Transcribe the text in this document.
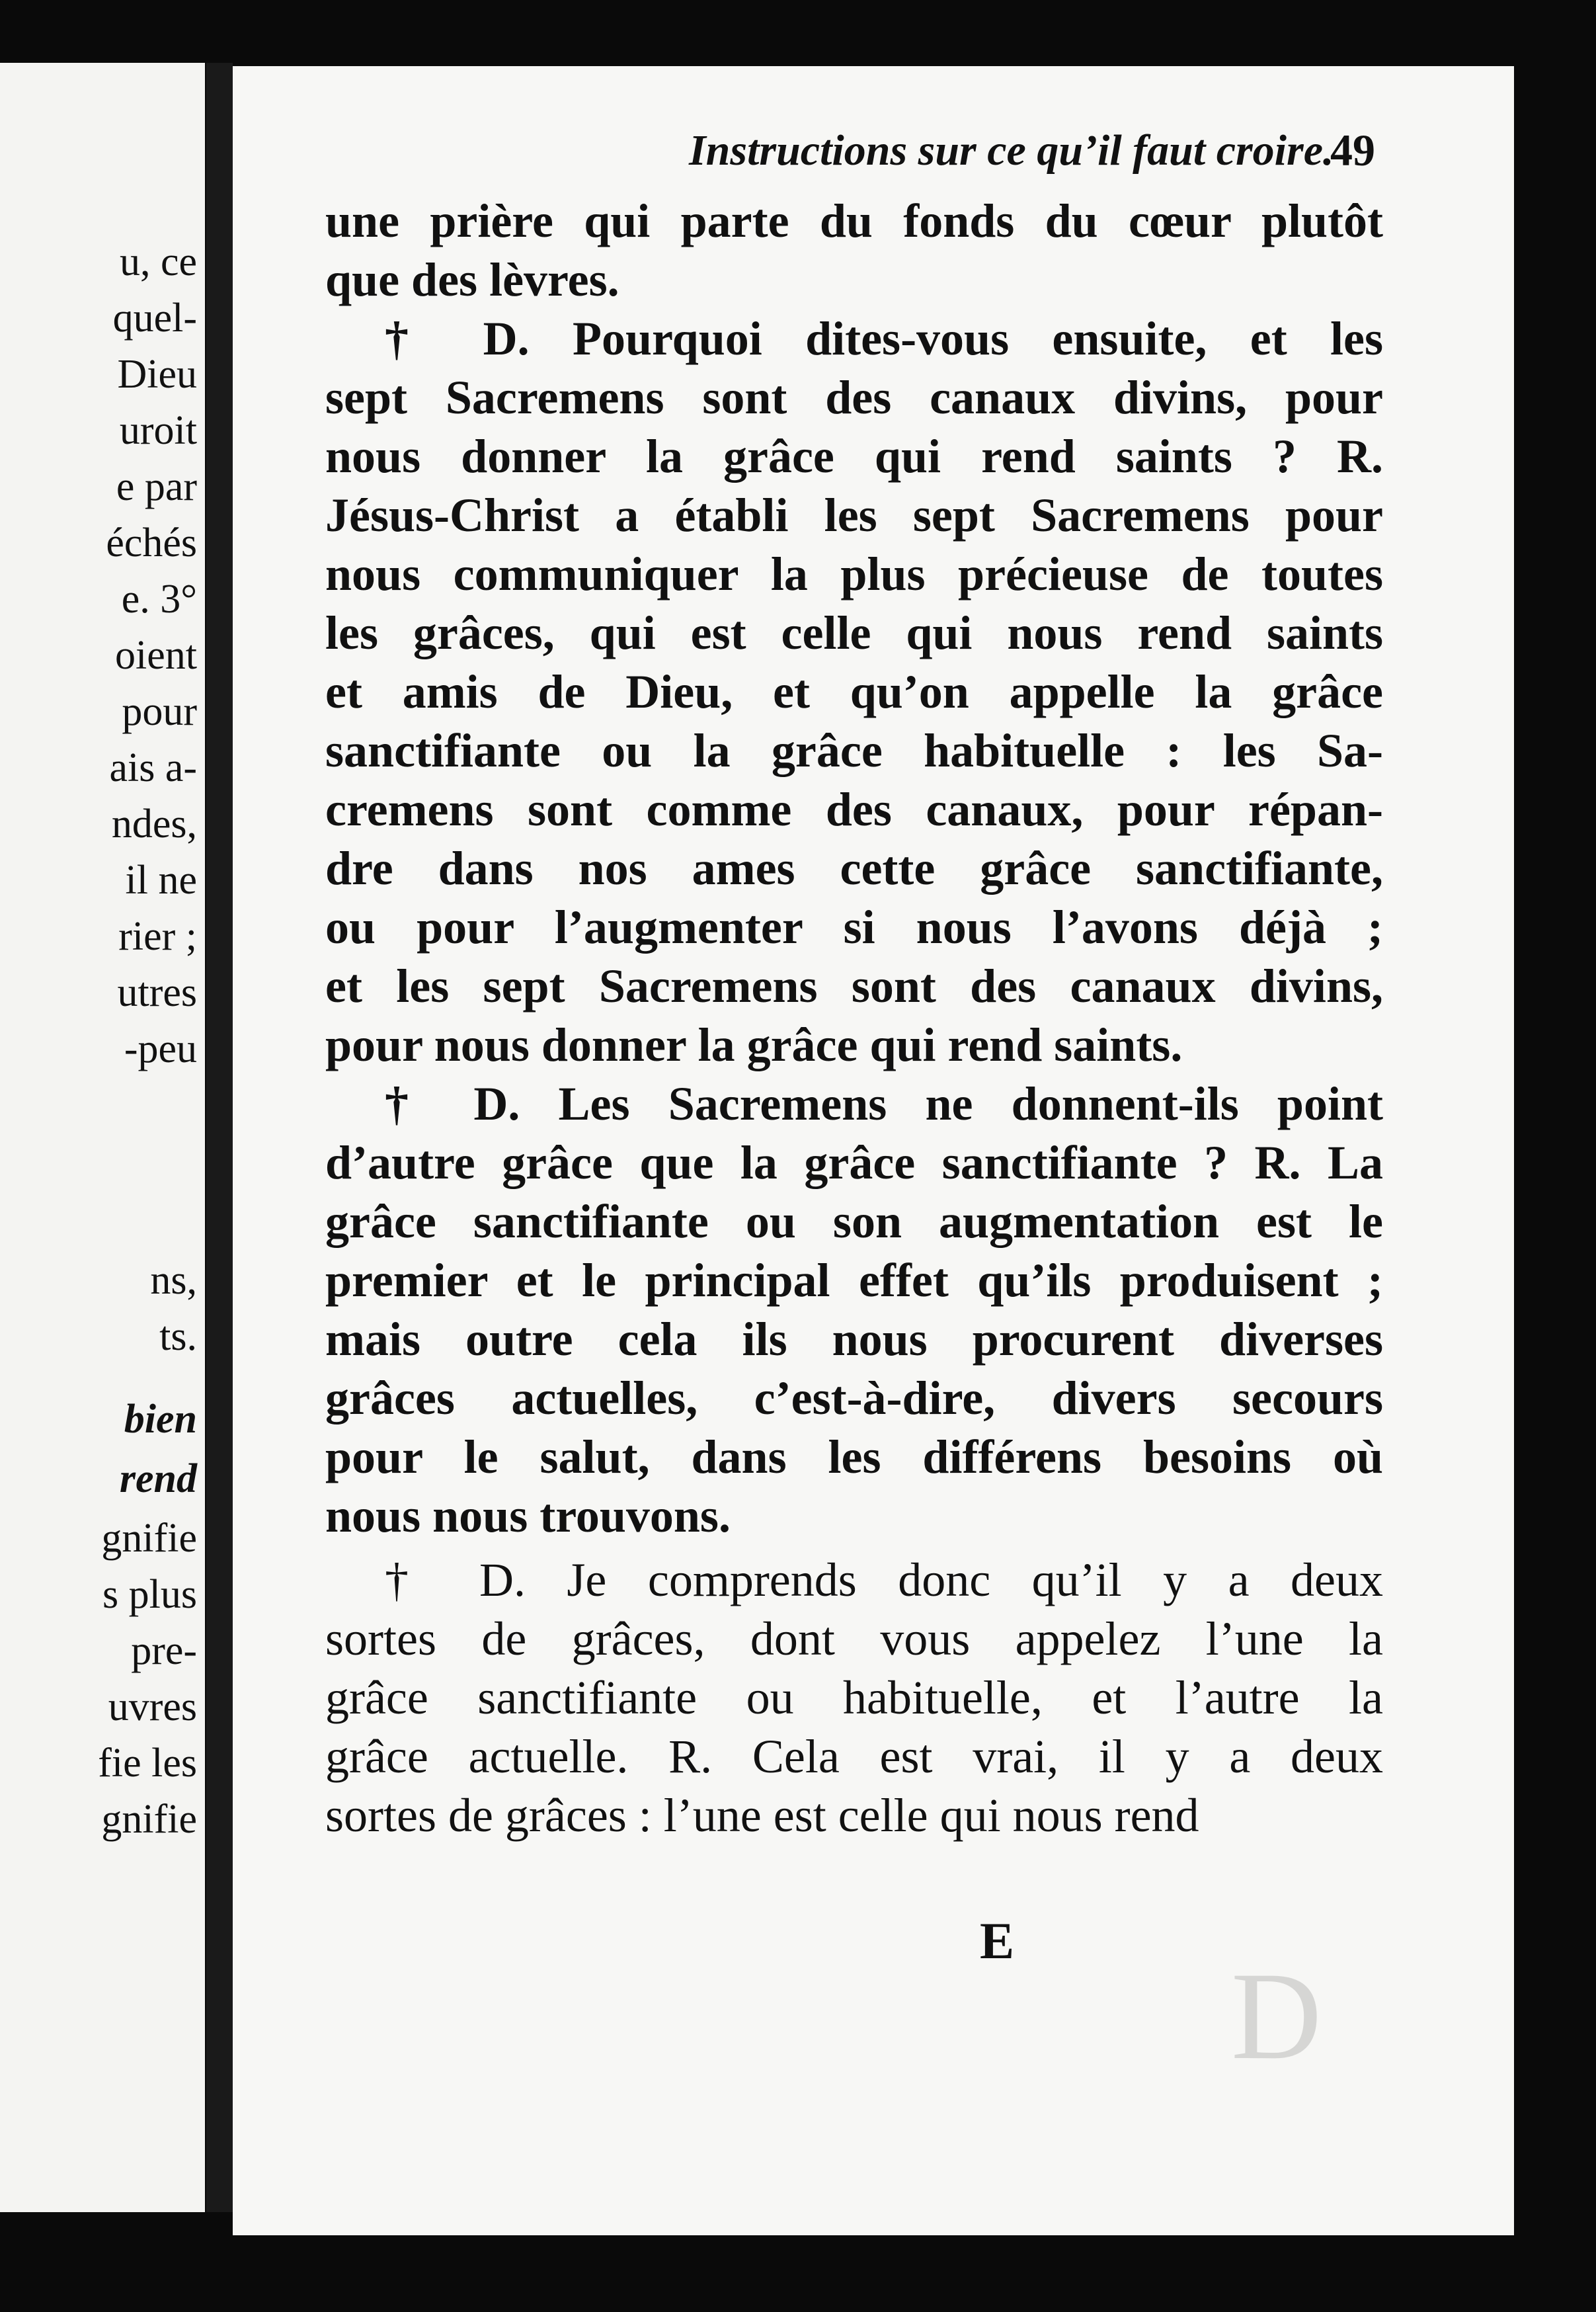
u, ce
quel-
Dieu
uroit
e par
échés
e. 3°
oient
pour
ais a-
ndes,
il ne
rier ;
utres
-peu
ns,
ts.
bien
rend
gnifie
s plus
pre-
uvres
fie les
gnifie
Instructions sur ce qu’il faut croire.
49
une prière qui parte du fonds du cœur plutôt
que des lèvres.
† D. Pourquoi dites-vous ensuite, et les
sept Sacremens sont des canaux divins, pour
nous donner la grâce qui rend saints ? R.
Jésus-Christ a établi les sept Sacremens pour
nous communiquer la plus précieuse de toutes
les grâces, qui est celle qui nous rend saints
et amis de Dieu, et qu’on appelle la grâce
sanctifiante ou la grâce habituelle : les Sa-
cremens sont comme des canaux, pour répan-
dre dans nos ames cette grâce sanctifiante,
ou pour l’augmenter si nous l’avons déjà ;
et les sept Sacremens sont des canaux divins,
pour nous donner la grâce qui rend saints.
† D. Les Sacremens ne donnent-ils point
d’autre grâce que la grâce sanctifiante ? R. La
grâce sanctifiante ou son augmentation est le
premier et le principal effet qu’ils produisent ;
mais outre cela ils nous procurent diverses
grâces actuelles, c’est-à-dire, divers secours
pour le salut, dans les différens besoins où
nous nous trouvons.
† D. Je comprends donc qu’il y a deux
sortes de grâces, dont vous appelez l’une la
grâce sanctifiante ou habituelle, et l’autre la
grâce actuelle. R. Cela est vrai, il y a deux
sortes de grâces : l’une est celle qui nous rend
E
D
